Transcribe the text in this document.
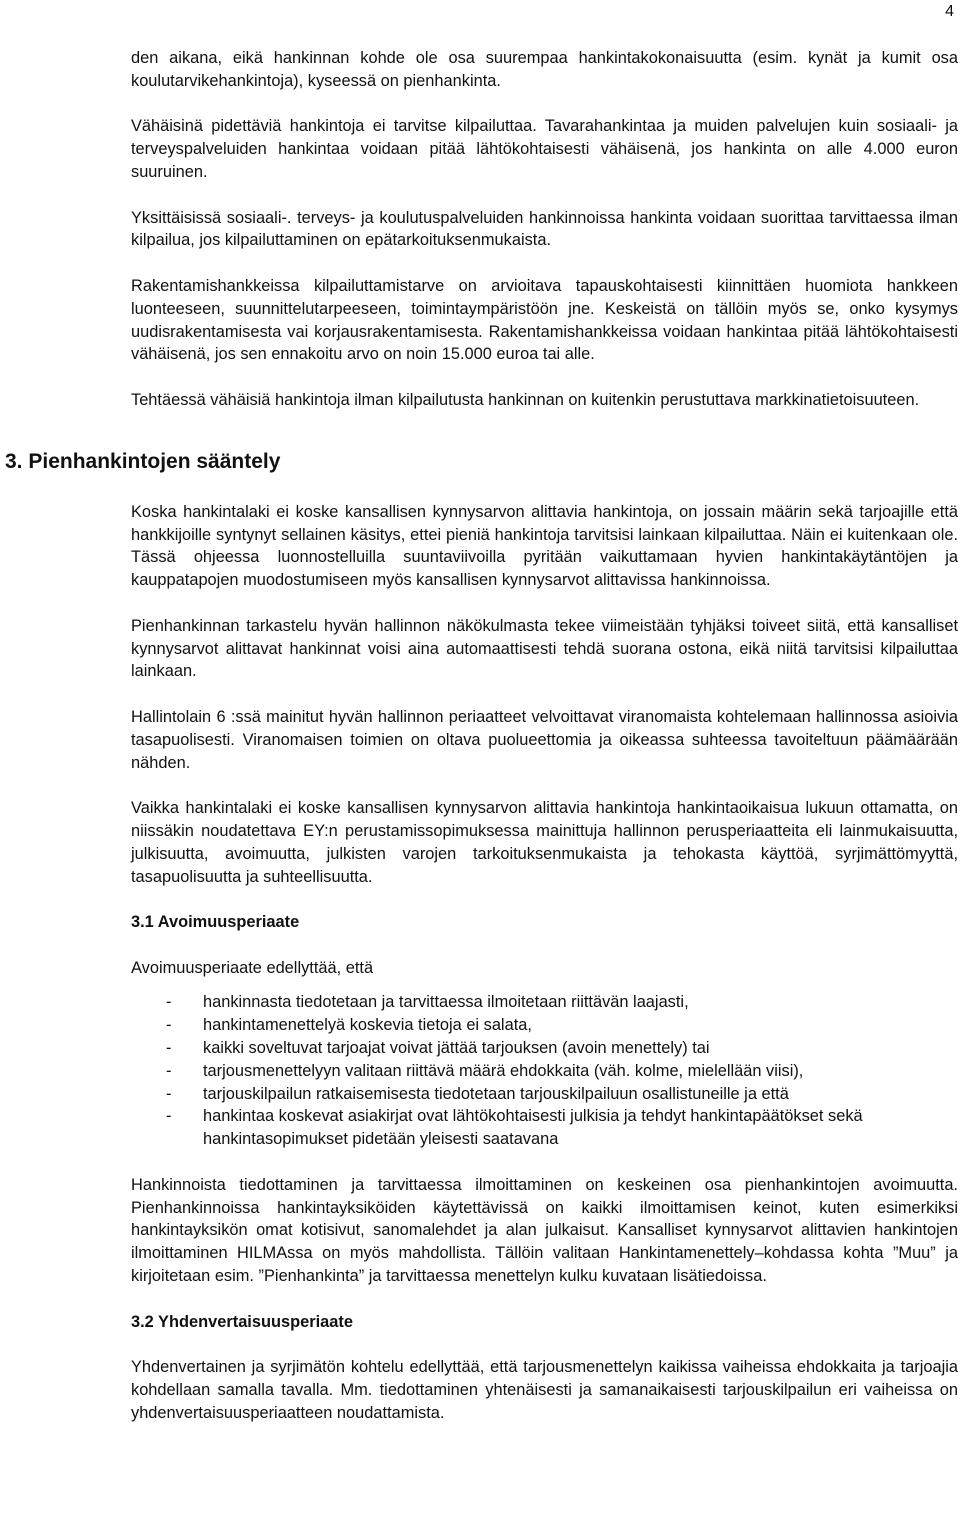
4

den aikana, eikä hankinnan kohde ole osa suurempaa hankintakokonaisuutta (esim. kynät ja kumit osa koulutarvikehankintoja), kyseessä on pienhankinta.

Vähäisinä pidettäviä hankintoja ei tarvitse kilpailuttaa. Tavarahankintaa ja muiden palvelujen kuin sosiaali- ja terveyspalveluiden hankintaa voidaan pitää lähtökohtaisesti vähäisenä, jos hankinta on alle 4.000 euron suuruinen.

Yksittäisissä sosiaali-. terveys- ja koulutuspalveluiden hankinnoissa hankinta voidaan suorittaa tarvittaessa ilman kilpailua, jos kilpailuttaminen on epätarkoituksenmukaista.

Rakentamishankkeissa kilpailuttamistarve on arvioitava tapauskohtaisesti kiinnittäen huomiota hankkeen luonteeseen, suunnittelutarpeeseen, toimintaympäristöön jne. Keskeistä on tällöin myös se, onko kysymys uudisrakentamisesta vai korjausrakentamisesta. Rakentamishankkeissa voidaan hankintaa pitää lähtökohtaisesti vähäisenä, jos sen ennakoitu arvo on noin 15.000 euroa tai alle.

Tehtäessä vähäisiä hankintoja ilman kilpailutusta hankinnan on kuitenkin perustuttava markkinatietoisuuteen.

3. Pienhankintojen sääntely

Koska hankintalaki ei koske kansallisen kynnysarvon alittavia hankintoja, on jossain määrin sekä tarjoajille että hankkijoille syntynyt sellainen käsitys, ettei pieniä hankintoja tarvitsisi lainkaan kilpailuttaa. Näin ei kuitenkaan ole. Tässä ohjeessa luonnostelluilla suuntaviivoilla pyritään vaikuttamaan hyvien hankintakäytäntöjen ja kauppatapojen muodostumiseen myös kansallisen kynnysarvot alittavissa hankinnoissa.

Pienhankinnan tarkastelu hyvän hallinnon näkökulmasta tekee viimeistään tyhjäksi toiveet siitä, että kansalliset kynnysarvot alittavat hankinnat voisi aina automaattisesti tehdä suorana ostona, eikä niitä tarvitsisi kilpailuttaa lainkaan.

Hallintolain 6 :ssä mainitut hyvän hallinnon periaatteet velvoittavat viranomaista kohtelemaan hallinnossa asioivia tasapuolisesti. Viranomaisen toimien on oltava puolueettomia ja oikeassa suhteessa tavoiteltuun päämäärään nähden.

Vaikka hankintalaki ei koske kansallisen kynnysarvon alittavia hankintoja hankintaoikaisua lukuun ottamatta, on niissäkin noudatettava EY:n perustamissopimuksessa mainittuja hallinnon perusperiaatteita eli lainmukaisuutta, julkisuutta, avoimuutta, julkisten varojen tarkoituksenmukaista ja tehokasta käyttöä, syrjimättömyyttä, tasapuolisuutta ja suhteellisuutta.

3.1 Avoimuusperiaate

Avoimuusperiaate edellyttää, että

- hankinnasta tiedotetaan ja tarvittaessa ilmoitetaan riittävän laajasti,
- hankintamenettelyä koskevia tietoja ei salata,
- kaikki soveltuvat tarjoajat voivat jättää tarjouksen (avoin menettely) tai
- tarjousmenettelyyn valitaan riittävä määrä ehdokkaita (väh. kolme, mielellään viisi),
- tarjouskilpailun ratkaisemisesta tiedotetaan tarjouskilpailuun osallistuneille ja että
- hankintaa koskevat asiakirjat ovat lähtökohtaisesti julkisia ja tehdyt hankintapäätökset sekä hankintasopimukset pidetään yleisesti saatavana

Hankinnoista tiedottaminen ja tarvittaessa ilmoittaminen on keskeinen osa pienhankintojen avoimuutta. Pienhankinnoissa hankintayksiköiden käytettävissä on kaikki ilmoittamisen keinot, kuten esimerkiksi hankintayksikön omat kotisivut, sanomalehdet ja alan julkaisut. Kansalliset kynnysarvot alittavien hankintojen ilmoittaminen HILMAssa on myös mahdollista. Tällöin valitaan Hankintamenettely–kohdassa kohta ”Muu” ja kirjoitetaan esim. ”Pienhankinta” ja tarvittaessa menettelyn kulku kuvataan lisätiedoissa.

3.2 Yhdenvertaisuusperiaate

Yhdenvertainen ja syrjimätön kohtelu edellyttää, että tarjousmenettelyn kaikissa vaiheissa ehdokkaita ja tarjoajia kohdellaan samalla tavalla. Mm. tiedottaminen yhtenäisesti ja samanaikaisesti tarjouskilpailun eri vaiheissa on yhdenvertaisuusperiaatteen noudattamista.
